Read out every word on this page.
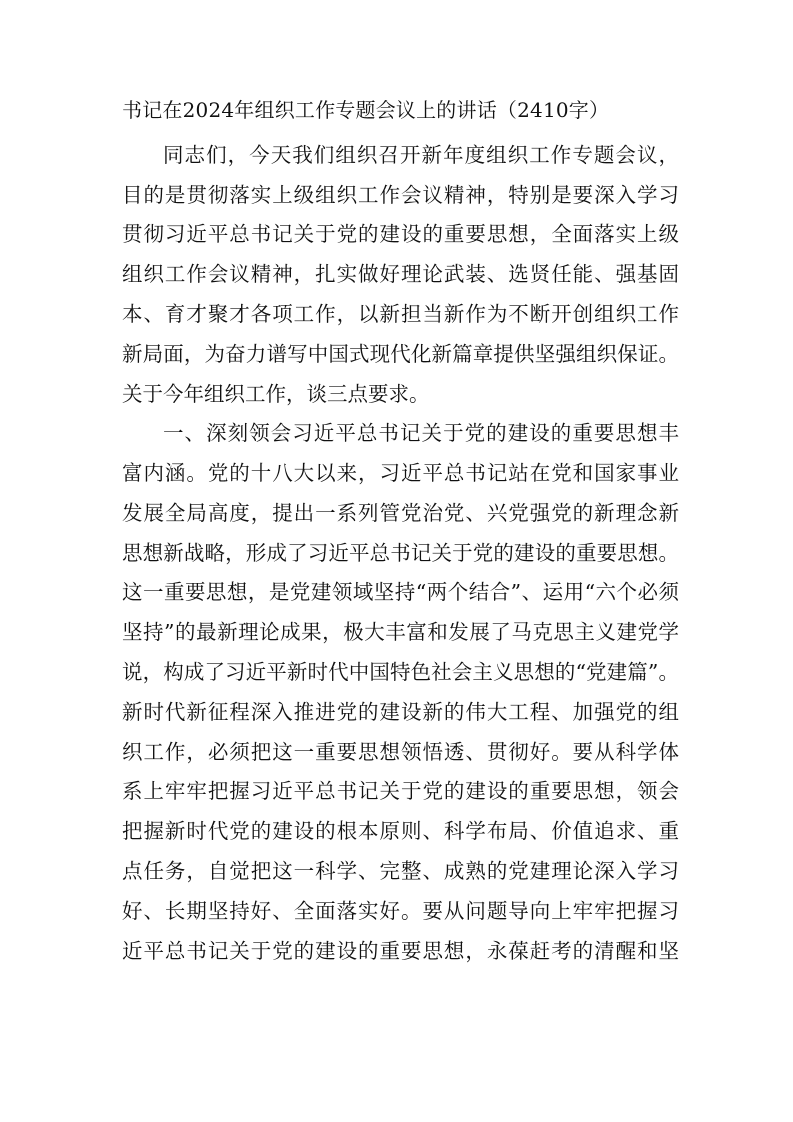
书记在2024年组织工作专题会议上的讲话（2410字）
同志们，今天我们组织召开新年度组织工作专题会议，
目的是贯彻落实上级组织工作会议精神，特别是要深入学习
贯彻习近平总书记关于党的建设的重要思想，全面落实上级
组织工作会议精神，扎实做好理论武装、选贤任能、强基固
本、育才聚才各项工作，以新担当新作为不断开创组织工作
新局面，为奋力谱写中国式现代化新篇章提供坚强组织保证。
关于今年组织工作，谈三点要求。
一、深刻领会习近平总书记关于党的建设的重要思想丰
富内涵。党的十八大以来，习近平总书记站在党和国家事业
发展全局高度，提出一系列管党治党、兴党强党的新理念新
思想新战略，形成了习近平总书记关于党的建设的重要思想。
这一重要思想，是党建领域坚持“两个结合”、运用“六个必须
坚持”的最新理论成果，极大丰富和发展了马克思主义建党学
说，构成了习近平新时代中国特色社会主义思想的“党建篇”。
新时代新征程深入推进党的建设新的伟大工程、加强党的组
织工作，必须把这一重要思想领悟透、贯彻好。要从科学体
系上牢牢把握习近平总书记关于党的建设的重要思想，领会
把握新时代党的建设的根本原则、科学布局、价值追求、重
点任务，自觉把这一科学、完整、成熟的党建理论深入学习
好、长期坚持好、全面落实好。要从问题导向上牢牢把握习
近平总书记关于党的建设的重要思想，永葆赶考的清醒和坚
